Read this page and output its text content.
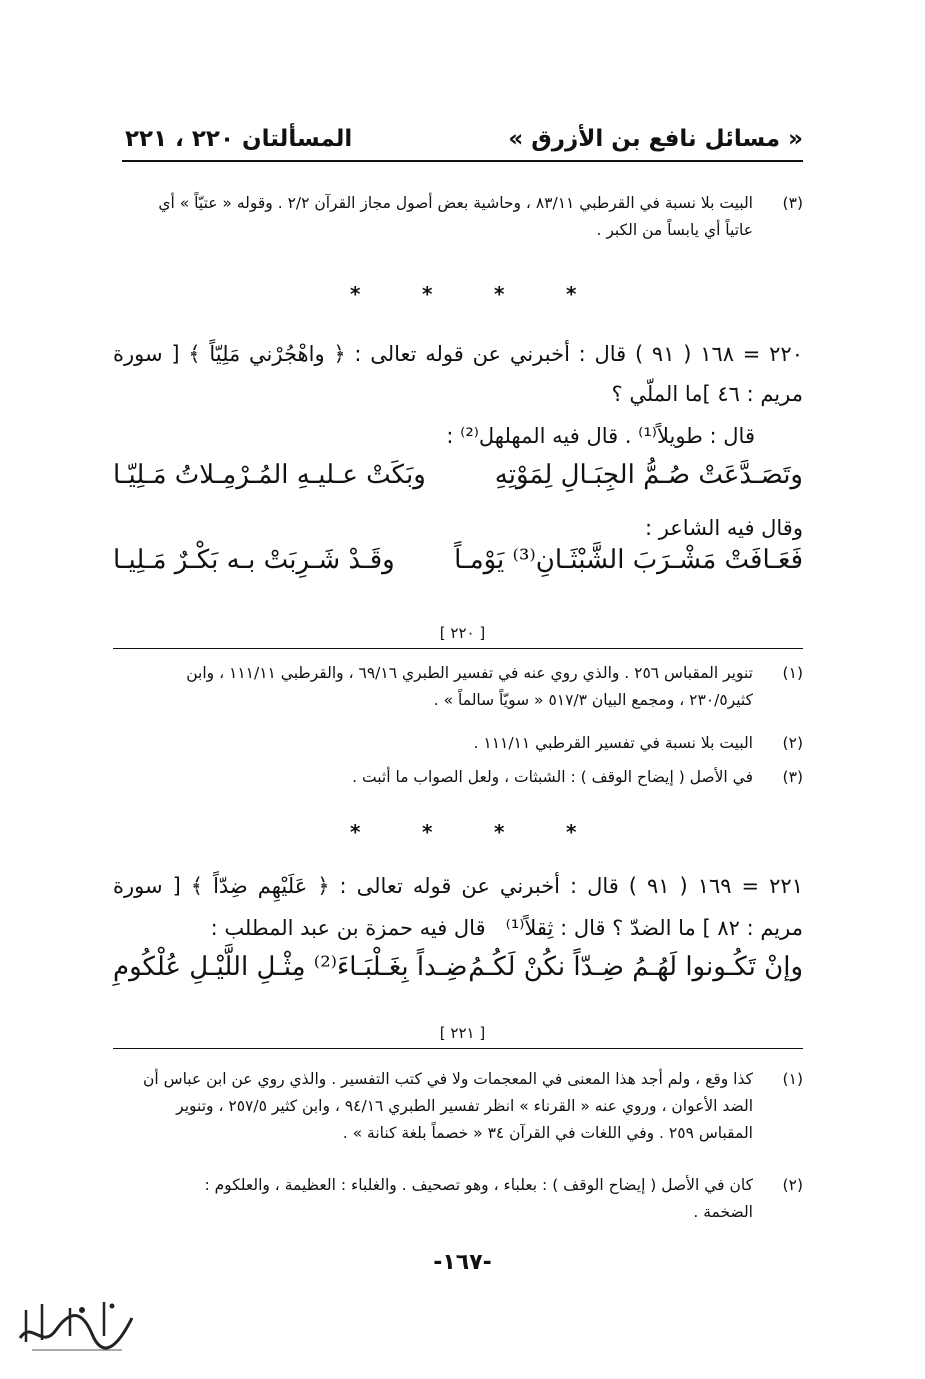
« مسائل نافع بن الأزرق »
المسألتان ٢٢٠ ، ٢٢١
(٣)
البيت بلا نسبة في القرطبي ٨٣/١١ ، وحاشية بعض أصول مجاز القرآن ٢/٢ . وقوله « عتيّاً » أي
عاتياً أي يابساً من الكبر .
*	*	*	*
٢٢٠ = ١٦٨ ( ٩١ ) قال : أخبرني عن قوله تعالى : ﴿ واهْجُرْني مَلِيّاً ﴾ [ سورة
مريم : ٤٦ ]ما الملّي ؟
قال : طويلاً⁽¹⁾ . قال فيه المهلهل⁽²⁾ :
وتَصَـدَّعَتْ صُـمُّ الجِبَـالِ لِمَوْتِهِ
وبَكَتْ عـليـهِ المُـرْمِـلاتُ مَـلِيّـا
وقال فيه الشاعر :
فَعَـافَتْ مَشْـرَبَ الشَّبْثَـانِ⁽³⁾ يَوْمـاً
وقَـدْ شَـرِبَتْ بـه بَكْـرٌ مَـلِيـا
[ ٢٢٠ ]
(١)
تنوير المقباس ٢٥٦ . والذي روي عنه في تفسير الطبري ٦٩/١٦ ، والقرطبي ١١١/١١ ، وابن
كثير٢٣٠/٥ ، ومجمع البيان ٥١٧/٣ « سويّاً سالماً » .
(٢)
البيت بلا نسبة في تفسير القرطبي ١١١/١١ .
(٣)
في الأصل ( إيضاح الوقف ) : الشبثات ، ولعل الصواب ما أثبت .
*	*	*	*
٢٢١ = ١٦٩ ( ٩١ ) قال : أخبرني عن قوله تعالى : ﴿ عَلَيْهِم ضِدّاً ﴾ [ سورة
مريم : ٨٢ ] ما الضدّ ؟ قال : ثِقلاً⁽¹⁾   قال فيه حمزة بن عبد المطلب :
وإنْ تَكُـونوا لَهُـمُ ضِـدّاً نكُنْ لَكُـمُ
ضِـداً بِغَـلْبَـاءَ⁽²⁾ مِثْـلِ اللَّيْـلِ عُلْكُومِ
[ ٢٢١ ]
(١)
كذا وقع ، ولم أجد هذا المعنى في المعجمات ولا في كتب التفسير . والذي روي عن ابن عباس أن
الضد الأعوان ، وروي عنه « القرناء » انظر تفسير الطبري ٩٤/١٦ ، وابن كثير ٢٥٧/٥ ، وتنوير
المقباس ٢٥٩ . وفي اللغات في القرآن ٣٤ « خصماً بلغة كنانة » .
(٢)
كان في الأصل ( إيضاح الوقف ) : بعلباء ، وهو تصحيف . والغلباء : العظيمة ، والعلكوم :
الضخمة .
-١٦٧-
